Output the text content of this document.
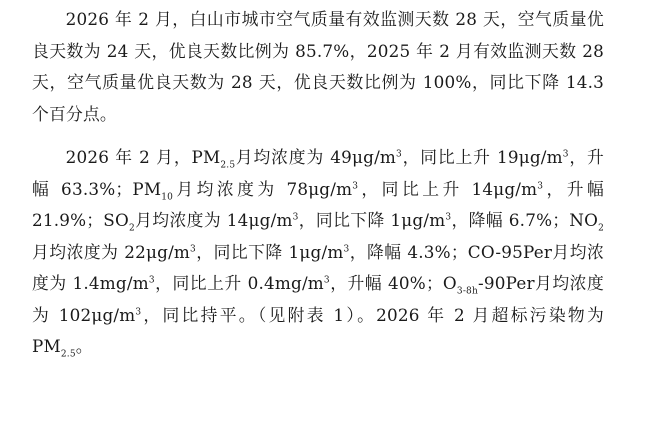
2026 年 2 月，白山市城市空气质量有效监测天数 28 天，空气质量优良天数为 24 天，优良天数比例为 85.7%，2025 年 2 月有效监测天数 28 天，空气质量优良天数为 28 天，优良天数比例为 100%，同比下降 14.3 个百分点。

2026 年 2 月，$PM_{2.5}$月均浓度为 $49\mu g/m^3$，同比上升 $19\mu g/m^3$，升幅 63.3%；$PM_{10}$月均浓度为 $78\mu g/m^3$，同比上升 $14\mu g/m^3$，升幅 21.9%；$SO_2$月均浓度为 $14\mu g/m^3$，同比下降 $1\mu g/m^3$，降幅 6.7%；$NO_2$月均浓度为 $22\mu g/m^3$，同比下降 $1\mu g/m^3$，降幅 4.3%；CO-95Per月均浓度为 $1.4mg/m^3$，同比上升 $0.4mg/m^3$，升幅 40%；$O_{3-8h}-90Per$月均浓度为 $102\mu g/m^3$，同比持平。（见附表 1）。2026 年 2 月超标污染物为$PM_{2.5}$。
